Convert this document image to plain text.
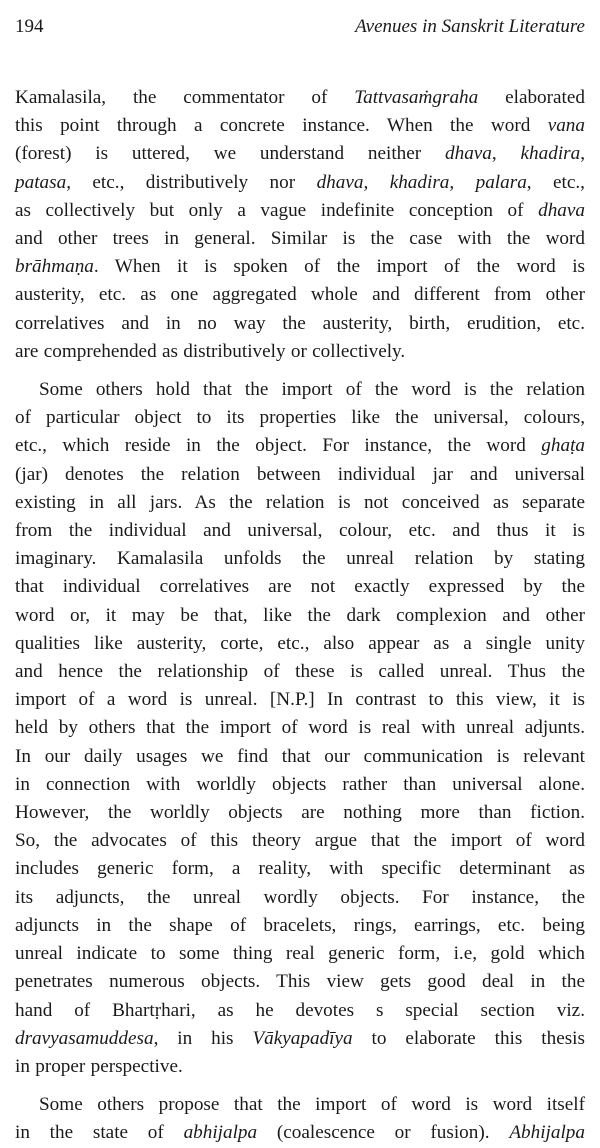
194	Avenues in Sanskrit Literature

Kamalasila, the commentator of Tattvasaṁgraha elaborated
this point through a concrete instance. When the word vana
(forest) is uttered, we understand neither dhava, khadira,
patasa, etc., distributively nor dhava, khadira, palara, etc.,
as collectively but only a vague indefinite conception of dhava
and other trees in general. Similar is the case with the word
brāhmaṇa. When it is spoken of the import of the word is
austerity, etc. as one aggregated whole and different from other
correlatives and in no way the austerity, birth, erudition, etc.
are comprehended as distributively or collectively.

Some others hold that the import of the word is the relation
of particular object to its properties like the universal, colours,
etc., which reside in the object. For instance, the word ghaṭa
(jar) denotes the relation between individual jar and universal
existing in all jars. As the relation is not conceived as separate
from the individual and universal, colour, etc. and thus it is
imaginary. Kamalasila unfolds the unreal relation by stating
that individual correlatives are not exactly expressed by the
word or, it may be that, like the dark complexion and other
qualities like austerity, corte, etc., also appear as a single unity
and hence the relationship of these is called unreal. Thus the
import of a word is unreal. [N.P.] In contrast to this view, it is
held by others that the import of word is real with unreal adjunts.
In our daily usages we find that our communication is relevant
in connection with worldly objects rather than universal alone.
However, the worldly objects are nothing more than fiction.
So, the advocates of this theory argue that the import of word
includes generic form, a reality, with specific determinant as
its adjuncts, the unreal wordly objects. For instance, the
adjuncts in the shape of bracelets, rings, earrings, etc. being
unreal indicate to some thing real generic form, i.e, gold which
penetrates numerous objects. This view gets good deal in the
hand of Bhartṛhari, as he devotes s special section viz.
dravyasamuddesa, in his Vākyapadīya to elaborate this thesis
in proper perspective.

Some others propose that the import of word is word itself
in the state of abhijalpa (coalescence or fusion). Abhijalpa
